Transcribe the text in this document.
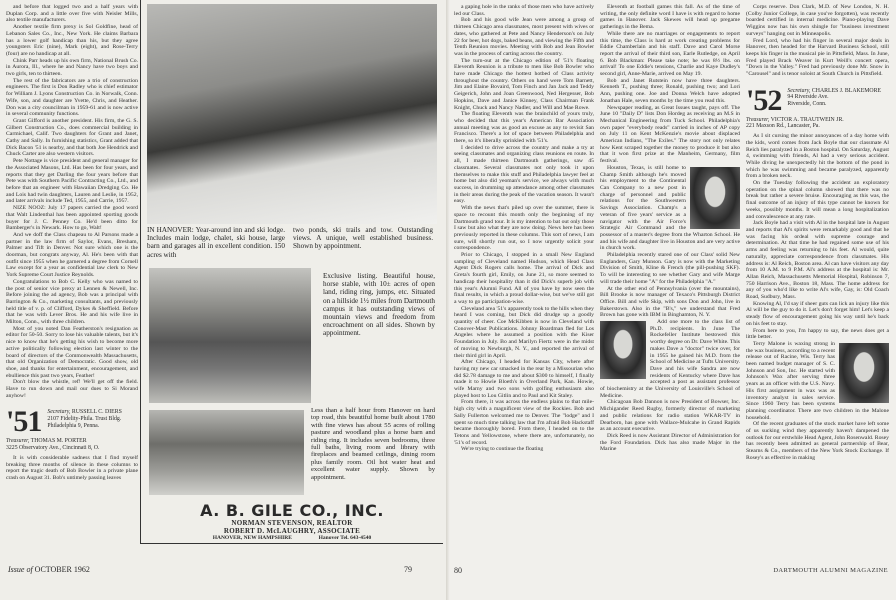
and before that logged two and a half years with Duplan Corp. and a little over five with Neisler Mills, also textile manufacturers.

Another textile firm prexy is Sol Goldfine, head of Lebanon Sales Co., Inc., New York. He claims Barbara has a lower golf handicap than his, but they agree youngsters Eric (nine), Mark (eight), and Rose-Terry (four) are no handicap at all.

Chink Parr heads up his own firm, National Brush Co. in Aurora, Ill., where he and Nancy have two boys and two girls, ten to thirteen.

The rest of the fabricators are a trio of construction engineers. The first is Don Radley who is chief estimator for William J. Lyons Construction Co. in Norwalk, Conn. Wife, son, and daughter are Yvette, Chris, and Heather. Don was a city councilman in 1959-61 and is now active in several community functions.

Grant Gifford is another president. His firm, the G. S. Gilbert Construction Co., does commercial building in Carmichael, Calif. Two daughters for Grant and Janet, Cathy and Sally. In furnishing statistics, Grant added that Dick Bacon '51 is nearby, and that both Joe Hendrick and Chuck Carter are also western visitors.

Pete Nottage is vice president and general manager for the Associated Masons, Ltd. Has been for four years, and reports that they get Darling the four years before that Pete was with Southern Pacific Contracting Co., Ltd., and before that an engineer with Hawaiian Dredging Co. He and Lois had twin daughters, Lauren and Leslie, in 1952, and later arrivals include Ted, 1955, and Carrie, 1957.

NIZE NOOZ: July 17 papers carried the good word that Walt Lindenthal has been appointed sporting goods buyer for J. C. Penney Co. He'd been ditto for Bamberger's in Newark. How to go, Walt!

And we doff the Class chapeau to Al Parsons made a partner in the law firm of Saylor, Evans, Bresham, Palmer and Tift in Denver. Not sure which one is the doorman, but congrats anyway, Al. He's been with that outfit since 1955 when he garnered a degree from Cornell Law except for a year as confidential law clerk to New York Supreme Court Justice Reynolds.

Congratulations to Bob C. Kelly who was named to the post of senior vice prexy at Lennen & Newell, Inc. Before joining the ad agency, Bob was a principal with Barrington & Co., marketing consultants, and previously held title of v. p. of Clifford, Dykes & Sheffield. Before that he was with Lever Bros. He and his wife live in Milton, Conn., with three children.

Most of you noted Dan Featherston's resignation as editor for 50-50. Sorry to lose his valuable talents, but it's nice to know that he's getting his wish to become more active politically following election last winter to the board of directors of the Commonwealth Massachusetts, that old Organization of Democratic. Good show, old shoe, and thanks for entertainment, encouragement, and ebullience this past two years, Feather!

Don't blow the whistle, ref! We'll get off the field. Have to run down and mail our dues to Si Morand anyhow!

'51 Secretary, RUSSELL C. DIERS
2107 Fidelity-Phila. Trust Bldg.
Philadelphia 9, Penna.
Treasurer, THOMAS M. PORTER
3225 Observatory Ave., Cincinnati 8, O.

It is with considerable sadness that I find myself breaking three months of silence in these columns to report the tragic death of Bob Bowler in a private plane crash on August 31. Bob's untimely passing leaves

IN HANOVER: Year-around inn and ski lodge. Includes main lodge, chalet, ski house, large barn and garages all in excellent condition. 150 acres with
two ponds, ski trails and tow. Outstanding views. A unique, well established business. Shown by appointment.
Exclusive listing. Beautiful house, horse stable, with 10± acres of open land, riding ring, jumps, etc. Situated on a hillside 1½ miles from Dartmouth campus it has outstanding views of mountain views and freedom from encroachment on all sides. Shown by appointment.
Less than a half hour from Hanover on hard top road, this beautiful home built about 1780 with fine views has about 55 acres of rolling pasture and woodland plus a horse barn and riding ring. It includes seven bedrooms, three full baths, living room and library with fireplaces and beamed ceilings, dining room plus family room. Oil hot water heat and excellent water supply. Shown by appointment.
A. B. GILE CO., INC.
NORMAN STEVENSON, REALTOR
ROBERT D. McLAUGHRY, ASSOCIATE
HANOVER, NEW HAMPSHIRE	Hanover Tel. 643-4540
79
Issue of OCTOBER 1962

a gaping hole in the ranks of those men who have actively led our Class.

Bob and his good wife Jean were among a group of thirteen Chicago area classmates, most present with wives or dates, who gathered at Pete and Nancy Henderson's on July 22 for beer, hot dogs, baked beans, and viewing the Fifth and Tenth Reunion movies. Meeting with Bob and Jean Bowler was in the process of carting across the country.

The turn-out at the Chicago edition of '51's floating Eleventh Reunion is a tribute to men like Bob Bowler who have made Chicago the hottest hotbed of Class activity throughout the country. Others on hand were Tom Barnett, Jim and Elaine Bovaird, Tom Finch and Jan Jack and Teddy Geigerich, John and Joan Greenwood, Ned Hergesser, Bob Hopkins, Dave and Janice Kinney, Class Chairman Frank Knight, Chuck and Nancy Nadler, and Will and Mae Rowe.

The floating Eleventh was the brainchild of yours truly, who decided that this year's American Bar Association annual meeting was as good an excuse as any to revisit San Francisco. There's a lot of space between Philadelphia and there, so it's liberally sprinkled with '51's.

I decided to drive across the country and make a try at seeing classmates and organizing class reunions en route. In all, I made thirteen Dartmouth gatherings, saw 45 classmates. Several classmates not only took it upon themselves to make this stuff and Philadelphia lawyer feel at home but also did yeoman's service, we always with much success, in drumming up attendance among other classmates in their areas during the peak of the vacation season. It wasn't easy.

With the news that's piled up over the summer, there is space to recount this month only the beginning of my Dartmouth grand tour. It is my intention to bat out only those I saw but also what they are now doing. News here has been previously reported in these columns. This sort of news, I am sure, will shortly run out, so I now urgently solicit your correspondence.

Prior to Chicago, I stopped in a small New England sampling of Cleveland named Hudson, which Head Class Agent Dick Rogers calls home. The arrival of Dick and Greta's fourth girl, Emily, on June 21, so more seemed to handicap their hospitality than it did Dick's superb job with this year's Alumni Fund. All of you have by now seen the final results, in which a proud dollar-wise, but we've still got a way to go participation-wise.

Cleveland area '51's apparently took to the hills when they heard I was coming, but Dick did drudge up a goodly quantity of cheer. Coe McKibben is now in Cleveland with Conover-Mast Publications. Johnny Boardman fled for Los Angeles where he assumed a position with the Kiser Foundation in July. Bo and Marilyn Fiertz were in the midst of moving to Newburgh, N. Y., and reported the arrival of their third girl in April.

After Chicago, I headed for Kansas City, where after having my new car smacked in the rear by a Missourian who did $2.78 damage to me and about $300 to himself, I finally made it to Howie Bloeth's in Overland Park, Kan. Howie, wife Marny and two sons with golfing enthusiasm also played host to Lou Gitlin and to Paul and Kit Staley.

From there, it was across the endless plains to that mile-high city with a magnificent view of the Rockies. Bob and Sally Fullerton welcomed me to Denver. The "lodge" and I spent so much time talking law that I'm afraid Bob Hackstaff became thoroughly bored. From there, I headed on to the Tetons and Yellowstone, where there are, unfortunately, no '51's of record.

We're trying to continue the floating

Eleventh at football games this fall. As of the time of writing, the only definite word I have is with regard to home games in Hanover. Jack Skewes will head up pregame gatherings in the Bema.

While there are no marriages or engagements to report this time, the Class is hard at work creating problems for Eddie Chamberlain and his staff. Dave and Carol Morse report the arrival of their third son, Earle Rutledge, on April 6. Bob Blackman: Please take note; he was 8½ lbs. on arrival! To one Eddie's tensions, Charlie and Kaye Dudley's second girl, Anne-Marie, arrived on May 19.

Bob and Janet Rutstein now have three daughters. Kenneth T., pushing three; Ronald, pushing two; and Lori Ann, pushing one. Joe and Donna Welch have adopted Jonathan Hale, seven months by the time you read this.

Newspaper reading, as Great Issues taught, pays off. The June 10 "Daily D" lists Don Hordeg as receiving an M.S in Mechanical Engineering from Tuck School. Philadelphia's own paper "everybody reads" carried in inches of AP copy on July 11 on Kent McKenzie's movie about displaced American Indians, "The Exiles." The story not only relates how Kent scraped together the money to produce it but also that it won first prize at the Manheim, Germany, film festival.

Houston, Texas, is still home to Champ Smith although he's moved his employment to the Continental Can Company to a new post in charge of personnel and public relations for the Southwestern Savings Association. Champ's a veteran of five years' service as a navigator with the Air Force's Strategic Air Command and the possessor of a master's degree from the Wharton School. He and his wife and daughter live in Houston and are very active in church work.

Philadelphia recently stared one of our Class' solid New Englanders, Gary Munson. Gary is now with the Marketing Division of Smith, Kline & French (the pill-pushing SKF). To will be interesting to see whether Gary and wife Marge will trade their home "A" for the Philadelphia "A."

At the other end of Pennsylvania (over the mountains), Bill Brooke is now manager of Texaco's Pittsburgh District Office. Bill and wife Skip, with sons Don and John, live in Bakerstown. Also in the "B's," we understand that Fred Brown has gone with IBM in Binghamton, N. Y.

Add one more to the class list of Ph.D. recipients. In June The Rockefeller Institute bestowed this worthy degree on Dr. Dave White. This makes Dave a "doctor" twice over, for in 1955 he gained his M.D. from the School of Medicine at Tufts University. Dave and his wife Sandra are now residents of Kentucky where Dave has accepted a post as assistant professor of biochemistry at the University of Louisville's School of Medicine.

Chicagoan Bob Dannon is now President of Bowser, Inc. Michigander Reed Rugby, formerly director of marketing and public relations for radio station WKAR-TV in Dearborn, has gone with Wallace-Mulcahe in Grand Rapids as an account executive.

Dick Reed is now Assistant Director of Administration for the Ford Foundation. Dick has also made Major in the Marine

Corps reserve. Don Clark, M.D. of New London, N. H. (Colby Junior College, in case you've forgotten), was recently boarded certified in internal medicine. Piano-playing Dave Wiggins now has his own shingle for "business investment surveys" hanging out in Minneapolis.

Fred Lord, who had his finger in several major deals in Hanover, then headed for the Harvard Business School, still keeps his finger in the musical pie in Pittsfield, Mass. In June, Fred played Brack Weaver in Kurt Weill's concert opera, "Down in the Valley." Fred had previously done Mr. Snow in "Carousel" and is tenor soloist at South Church in Pittsfield.

'52 Secretary, CHARLES J. BLAKEMORE
94 Riverside Ave.
Riverside, Conn.
Treasurer, VICTOR A. TRAUTWEIN JR.
221 Maxson Rd., Lancaster, Pa.

As I sit cursing the minor annoyances of a day home with the kids, word comes from Jack Boyle that our classmate Al Reich lies paralyzed in a Boston hospital. On Saturday, August 4, swimming with friends, Al had a very serious accident. While diving he unexpectedly hit the bottom of the pond in which he was swimming and became paralyzed, apparently from a broken neck.

On the Tuesday following the accident an exploratory operation on the spinal column showed that there was no break but rather a severe bruise. Encouraging as this was, the final outcome of an injury of this type cannot be known for weeks, possibly months. It will mean a long hospitalization and convalescence at any rate.

Jack Boyle had a visit with Al in the hospital late in August and reports that Al's spirits were remarkably good and that he was facing his ordeal with supreme courage and determination. At that time he had regained some use of his arms and feeling was returning to his feet. Al would, quite naturally, appreciate correspondence from classmates. His address is: Al Reich, Boston area. Al can have visitors any day from 10 A.M. to 9 P.M. Al's address at the hospital is: Mr. Allan Reich, Massachusetts Memorial Hospital, Robinson 7, 750 Harrison Ave., Boston 18, Mass. The home address for any of you who'd like to write Al's wife, Gay, is: Old Coach Road, Sudbury, Mass.

Knowing Al, I'd say if sheer guts can lick an injury like this Al will be the guy to do it. Let's don't forget him! Let's keep a steady flow of encouragement going his way until he's back on his feet to stay.

From here to you, I'm happy to say, the news does get a little better.

Terry Malone is waxing strong in the wax business, according to a recent release out of Racine, Wis. Terry has been named budget manager of S. C. Johnson and Son, Inc. He started with Johnson's Wax after serving three years as an officer with the U.S. Navy. His first assignment in wax was as inventory analyst in sales service. Since 1960 Terry has been systems planning coordinator. There are two children in the Malone household.

Of the recent graduates of the stock market have left some of us sucking wind they apparently haven't dampened the outlook for our erstwhile Head Agent, John Rosenwald. Rosey has recently been admitted as general partnership of Bear, Stearns & Co., members of the New York Stock Exchange. If Rosey's as effective in making

80	DARTMOUTH ALUMNI MAGAZINE
